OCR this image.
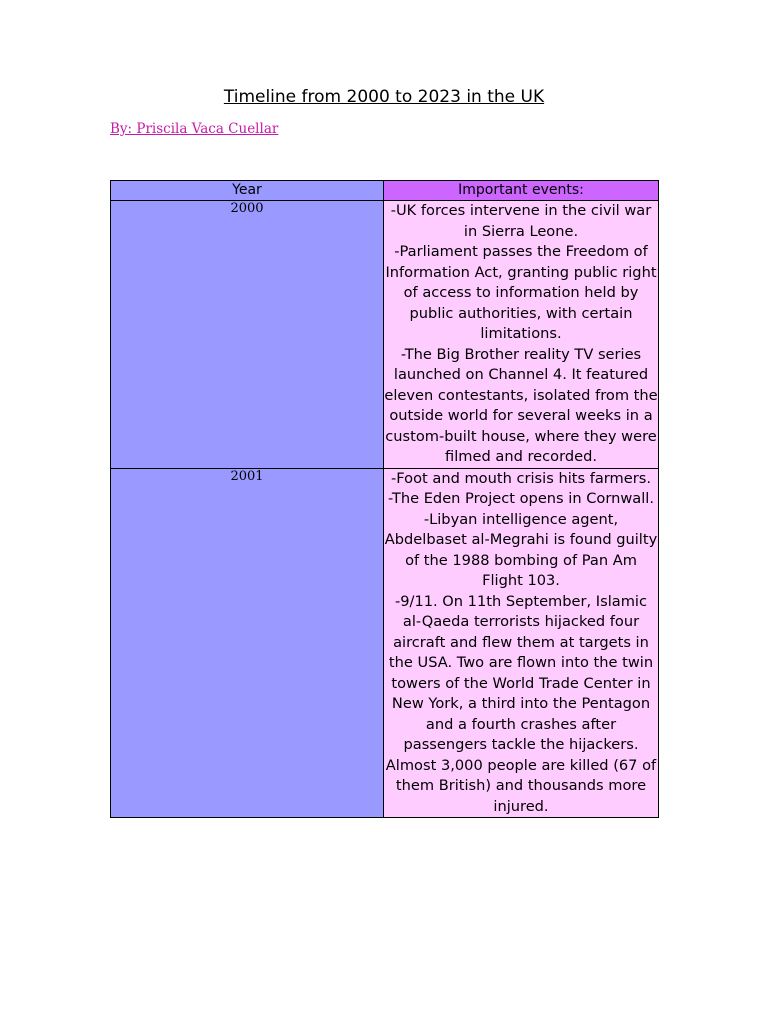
Timeline from 2000 to 2023 in the UK
By: Priscila Vaca Cuellar
Year	Important events:
2000	-UK forces intervene in the civil war in Sierra Leone.
-Parliament passes the Freedom of Information Act, granting public right of access to information held by public authorities, with certain limitations.
-The Big Brother reality TV series launched on Channel 4. It featured eleven contestants, isolated from the outside world for several weeks in a custom-built house, where they were filmed and recorded.

2001	-Foot and mouth crisis hits farmers.
-The Eden Project opens in Cornwall.
-Libyan intelligence agent, Abdelbaset al-Megrahi is found guilty of the 1988 bombing of Pan Am Flight 103.
-9/11. On 11th September, Islamic al-Qaeda terrorists hijacked four aircraft and flew them at targets in the USA. Two are flown into the twin towers of the World Trade Center in New York, a third into the Pentagon and a fourth crashes after passengers tackle the hijackers. Almost 3,000 people are killed (67 of them British) and thousands more injured.
